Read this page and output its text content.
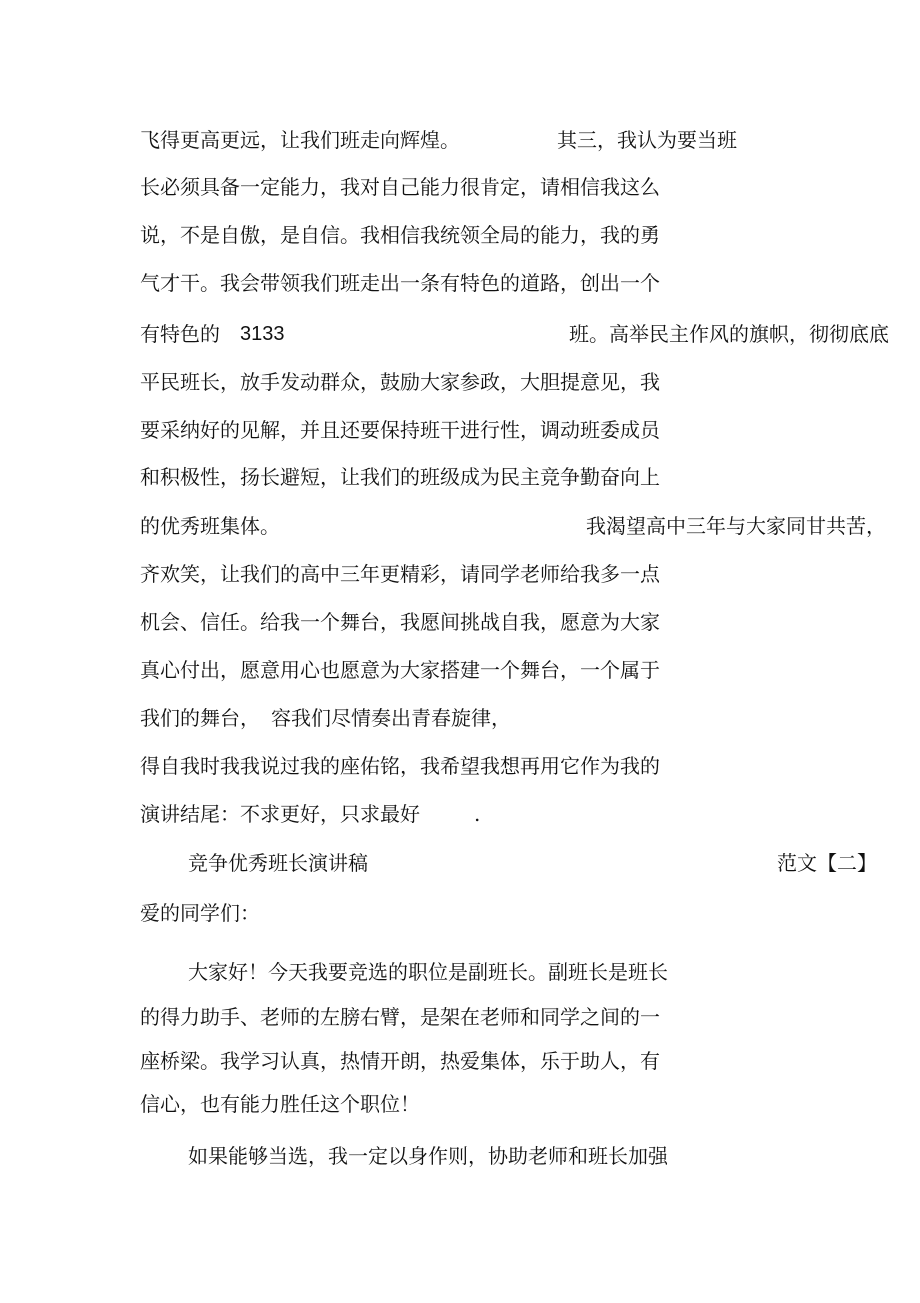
飞得更高更远，让我们班走向辉煌。	其三，我认为要当班
长必须具备一定能力，我对自己能力很肯定，请相信我这么
说，不是自傲，是自信。我相信我统领全局的能力，我的勇
气才干。我会带领我们班走出一条有特色的道路，创出一个
有特色的 3133	班。高举民主作风的旗帜，彻彻底底
平民班长，放手发动群众，鼓励大家参政，大胆提意见，我
要采纳好的见解，并且还要保持班干进行性，调动班委成员
和积极性，扬长避短，让我们的班级成为民主竞争勤奋向上
的优秀班集体。	我渴望高中三年与大家同甘共苦，
齐欢笑，让我们的高中三年更精彩，请同学老师给我多一点
机会、信任。给我一个舞台，我愿间挑战自我，愿意为大家
真心付出，愿意用心也愿意为大家搭建一个舞台，一个属于
我们的舞台， 容我们尽情奏出青春旋律，
得自我时我我说过我的座佑铭，我希望我想再用它作为我的
演讲结尾：不求更好，只求最好	.
竞争优秀班长演讲稿	范文【二】
爱的同学们：
大家好！今天我要竞选的职位是副班长。副班长是班长
的得力助手、老师的左膀右臂，是架在老师和同学之间的一
座桥梁。我学习认真，热情开朗，热爱集体，乐于助人，有
信心，也有能力胜任这个职位！
如果能够当选，我一定以身作则，协助老师和班长加强
